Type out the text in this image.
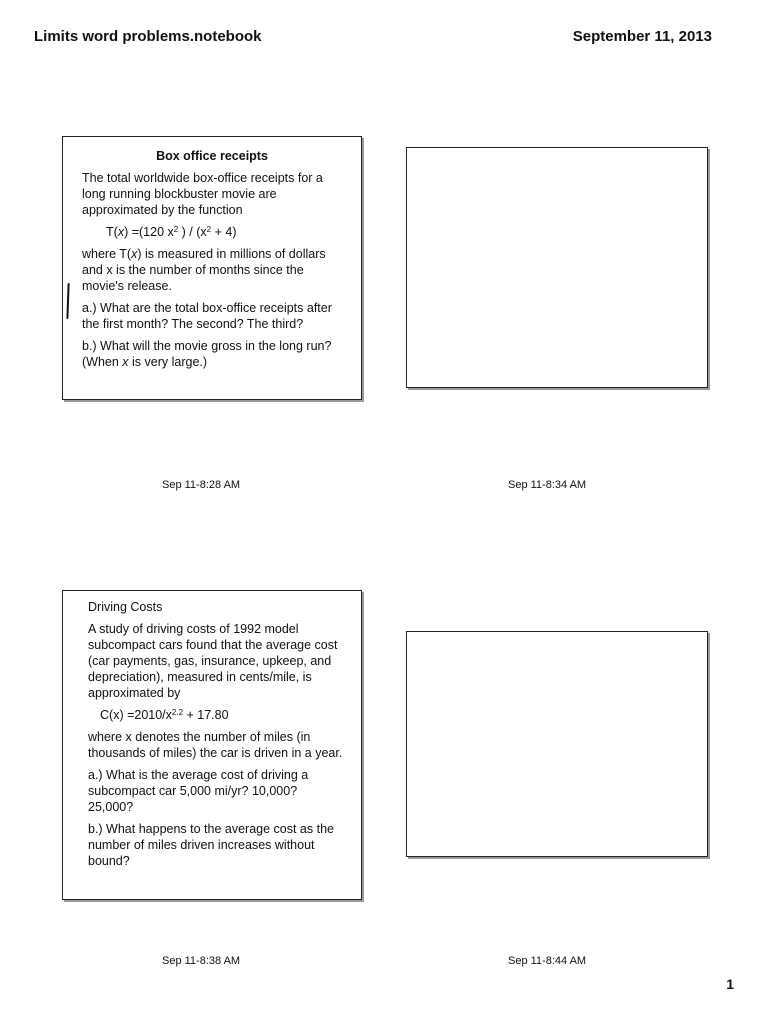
Limits word problems.notebook	September 11, 2013
Box office receipts
The total worldwide box-office receipts for a long running blockbuster movie are approximated by the function
T(x) =(120 $x^2$ ) / $(x^2 + 4)$
where T(x) is measured in millions of dollars and x is the number of months since the movie's release.
a.) What are the total box-office receipts after the first month? The second? The third?
b.) What will the movie gross in the long run? (When x is very large.)
Driving Costs
A study of driving costs of 1992 model subcompact cars found that the average cost (car payments, gas, insurance, upkeep, and depreciation), measured in cents/mile, is approximated by
$C(x) =2010/x^{2.2} + 17.80$
where x denotes the number of miles (in thousands of miles) the car is driven in a year.
a.) What is the average cost of driving a subcompact car 5,000 mi/yr? 10,000? 25,000?
b.) What happens to the average cost as the number of miles driven increases without bound?
Sep 11-8:28 AM	Sep 11-8:34 AM
Sep 11-8:38 AM	Sep 11-8:44 AM
1
